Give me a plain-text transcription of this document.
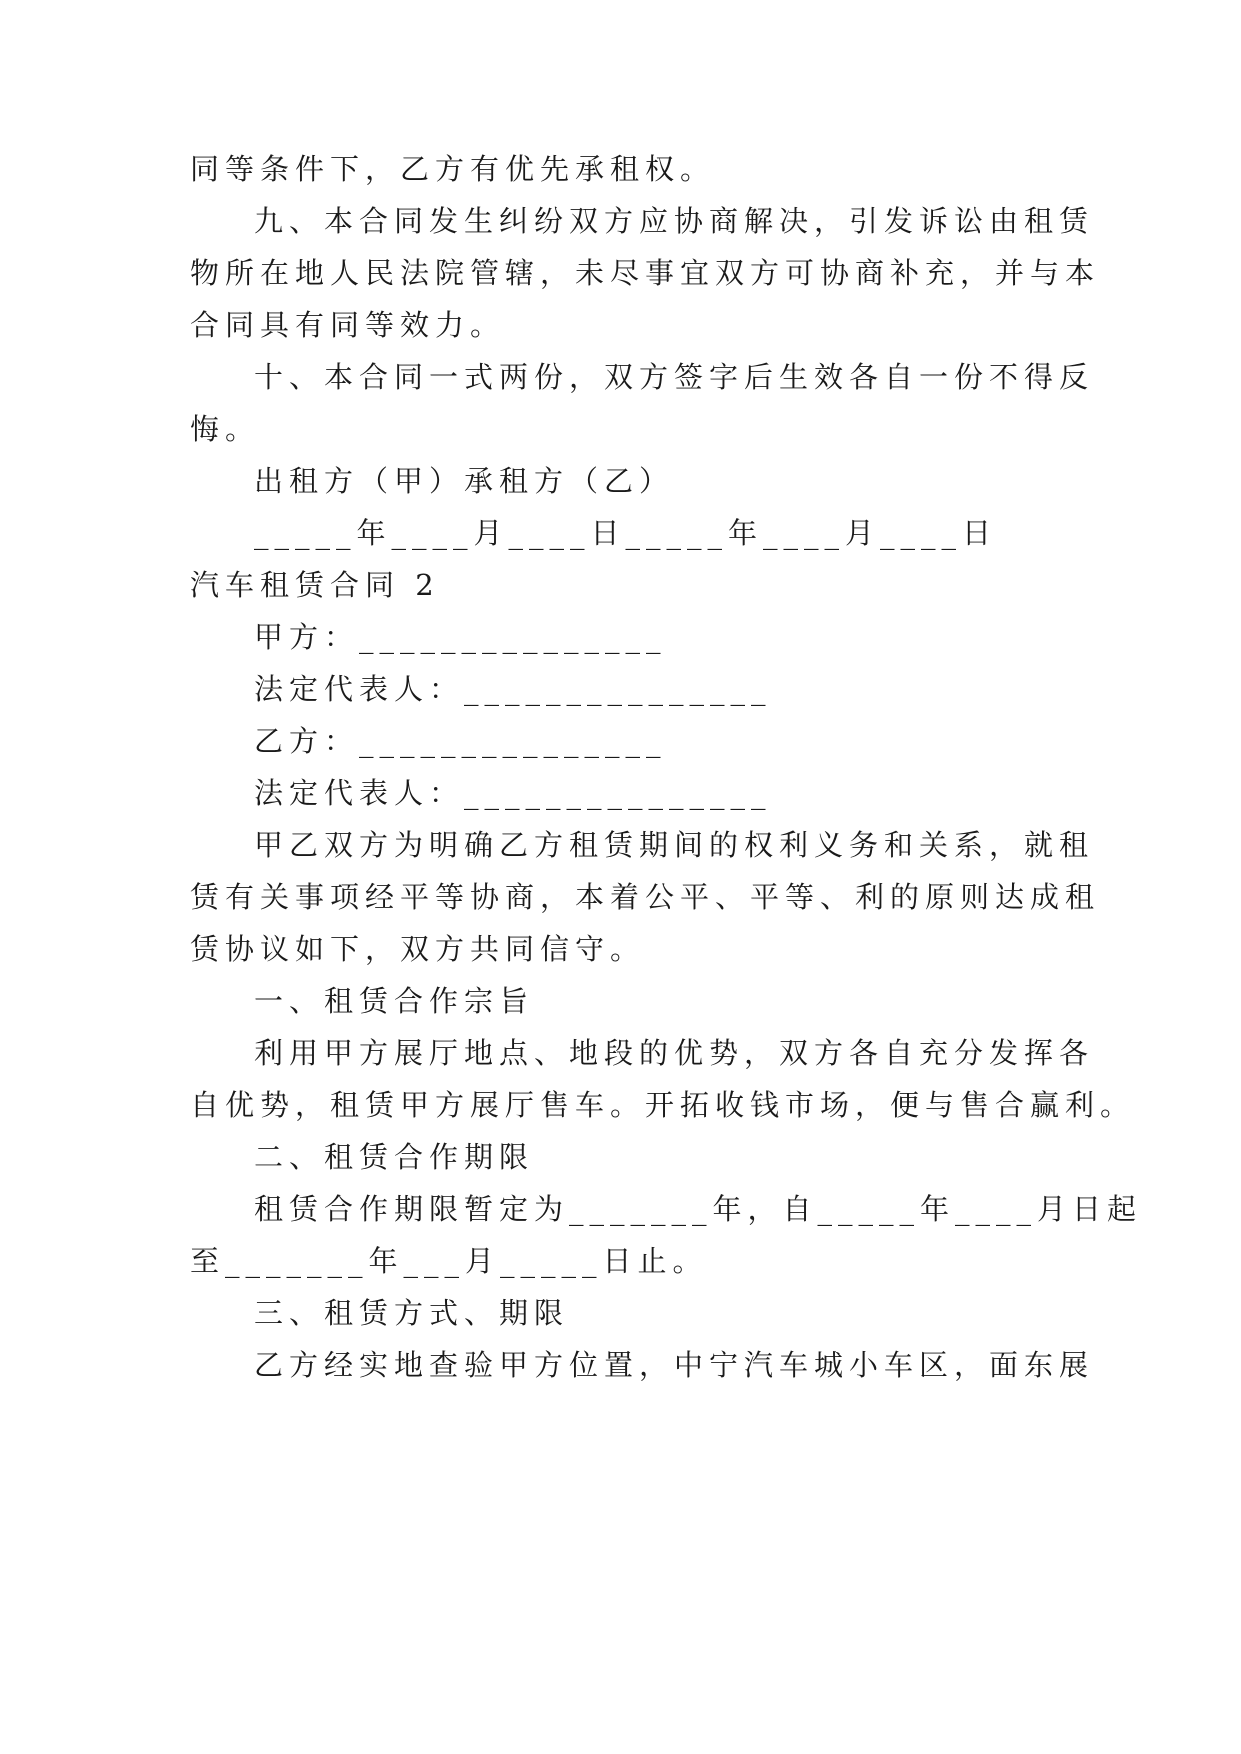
同等条件下，乙方有优先承租权。
九、本合同发生纠纷双方应协商解决，引发诉讼由租赁
物所在地人民法院管辖，未尽事宜双方可协商补充，并与本
合同具有同等效力。
十、本合同一式两份，双方签字后生效各自一份不得反
悔。
出租方（甲）承租方（乙）
_____年____月____日_____年____月____日
汽车租赁合同 2
甲方：_______________
法定代表人：_______________
乙方：_______________
法定代表人：_______________
甲乙双方为明确乙方租赁期间的权利义务和关系，就租
赁有关事项经平等协商，本着公平、平等、利的原则达成租
赁协议如下，双方共同信守。
一、租赁合作宗旨
利用甲方展厅地点、地段的优势，双方各自充分发挥各
自优势，租赁甲方展厅售车。开拓收钱市场，便与售合赢利。
二、租赁合作期限
租赁合作期限暂定为_______年，自_____年____月日起
至_______年___月_____日止。
三、租赁方式、期限
乙方经实地查验甲方位置，中宁汽车城小车区，面东展
